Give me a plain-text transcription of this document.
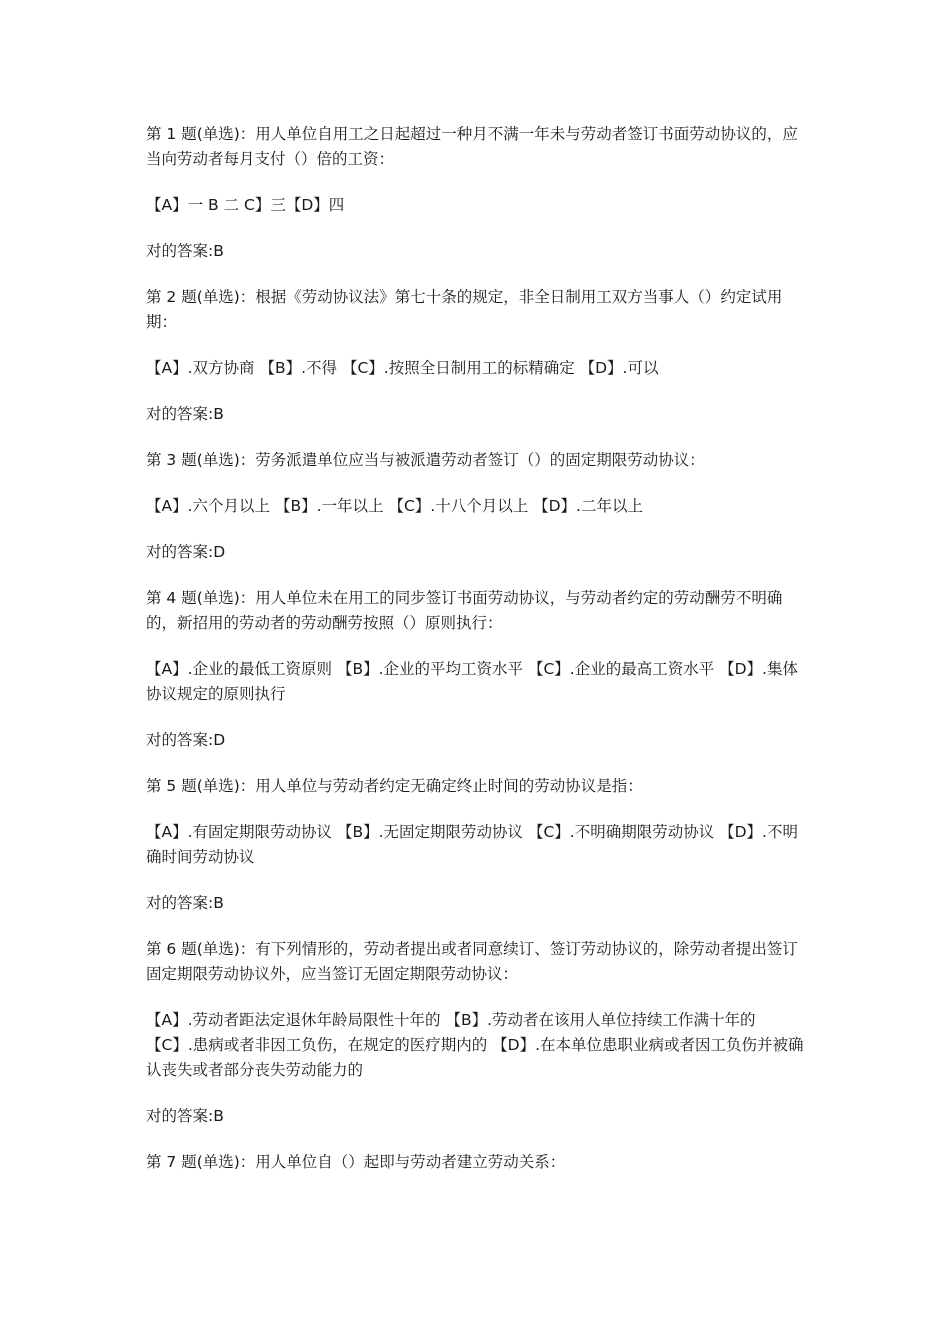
第 1 题(单选)：用人单位自用工之日起超过一种月不满一年未与劳动者签订书面劳动协议的，应当向劳动者每月支付（）倍的工资：

【A】一 B 二 C】三【D】四

对的答案:B

第 2 题(单选)：根据《劳动协议法》第七十条的规定，非全日制用工双方当事人（）约定试用期：

【A】.双方协商 【B】.不得 【C】.按照全日制用工的标精确定 【D】.可以

对的答案:B

第 3 题(单选)：劳务派遣单位应当与被派遣劳动者签订（）的固定期限劳动协议：

【A】.六个月以上 【B】.一年以上 【C】.十八个月以上 【D】.二年以上

对的答案:D

第 4 题(单选)：用人单位未在用工的同步签订书面劳动协议，与劳动者约定的劳动酬劳不明确的，新招用的劳动者的劳动酬劳按照（）原则执行：

【A】.企业的最低工资原则 【B】.企业的平均工资水平 【C】.企业的最高工资水平 【D】.集体协议规定的原则执行

对的答案:D

第 5 题(单选)：用人单位与劳动者约定无确定终止时间的劳动协议是指：

【A】.有固定期限劳动协议 【B】.无固定期限劳动协议 【C】.不明确期限劳动协议 【D】.不明确时间劳动协议

对的答案:B

第 6 题(单选)：有下列情形的，劳动者提出或者同意续订、签订劳动协议的，除劳动者提出签订固定期限劳动协议外，应当签订无固定期限劳动协议：

【A】.劳动者距法定退休年龄局限性十年的 【B】.劳动者在该用人单位持续工作满十年的 【C】.患病或者非因工负伤，在规定的医疗期内的 【D】.在本单位患职业病或者因工负伤并被确认丧失或者部分丧失劳动能力的

对的答案:B

第 7 题(单选)：用人单位自（）起即与劳动者建立劳动关系：
